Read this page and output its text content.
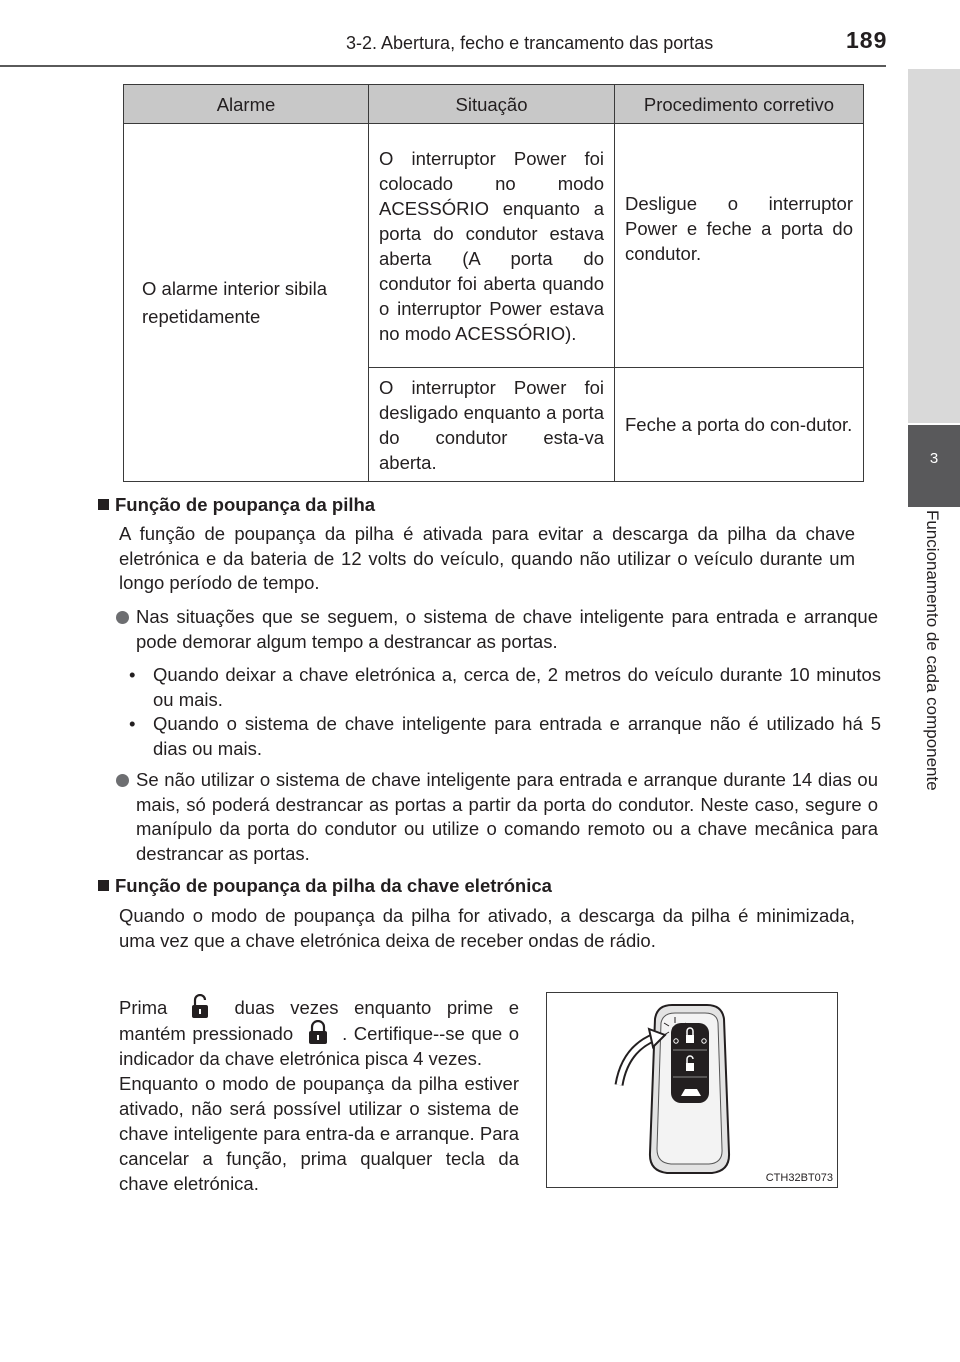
3-2. Abertura, fecho e trancamento das portas	189
3
Funcionamento de cada componente
Alarme	Situação	Procedimento corretivo
O alarme interior sibila repetidamente	O interruptor Power foi colocado no modo ACESSÓRIO enquanto a porta do condutor estava aberta (A porta do condutor foi aberta quando o interruptor Power estava no modo ACESSÓRIO).	Desligue o interruptor Power e feche a porta do condutor.
	O interruptor Power foi desligado enquanto a porta do condutor esta-va aberta.	Feche a porta do con-dutor.
Função de poupança da pilha
A função de poupança da pilha é ativada para evitar a descarga da pilha da chave eletrónica e da bateria de 12 volts do veículo, quando não utilizar o veículo durante um longo período de tempo.
Nas situações que se seguem, o sistema de chave inteligente para entrada e arranque pode demorar algum tempo a destrancar as portas.
• Quando deixar a chave eletrónica a, cerca de, 2 metros do veículo durante 10 minutos ou mais.
• Quando o sistema de chave inteligente para entrada e arranque não é utilizado há 5 dias ou mais.
Se não utilizar o sistema de chave inteligente para entrada e arranque durante 14 dias ou mais, só poderá destrancar as portas a partir da porta do condutor. Neste caso, segure o manípulo da porta do condutor ou utilize o comando remoto ou a chave mecânica para destrancar as portas.
Função de poupança da pilha da chave eletrónica
Quando o modo de poupança da pilha for ativado, a descarga da pilha é minimizada, uma vez que a chave eletrónica deixa de receber ondas de rádio.
Prima	duas vezes enquanto prime e mantém pressionado	. Certifique--se que o indicador da chave eletrónica pisca 4 vezes.
Enquanto o modo de poupança da pilha estiver ativado, não será possível utilizar o sistema de chave inteligente para entra-da e arranque. Para cancelar a função, prima qualquer tecla da chave eletrónica.	CTH32BT073
